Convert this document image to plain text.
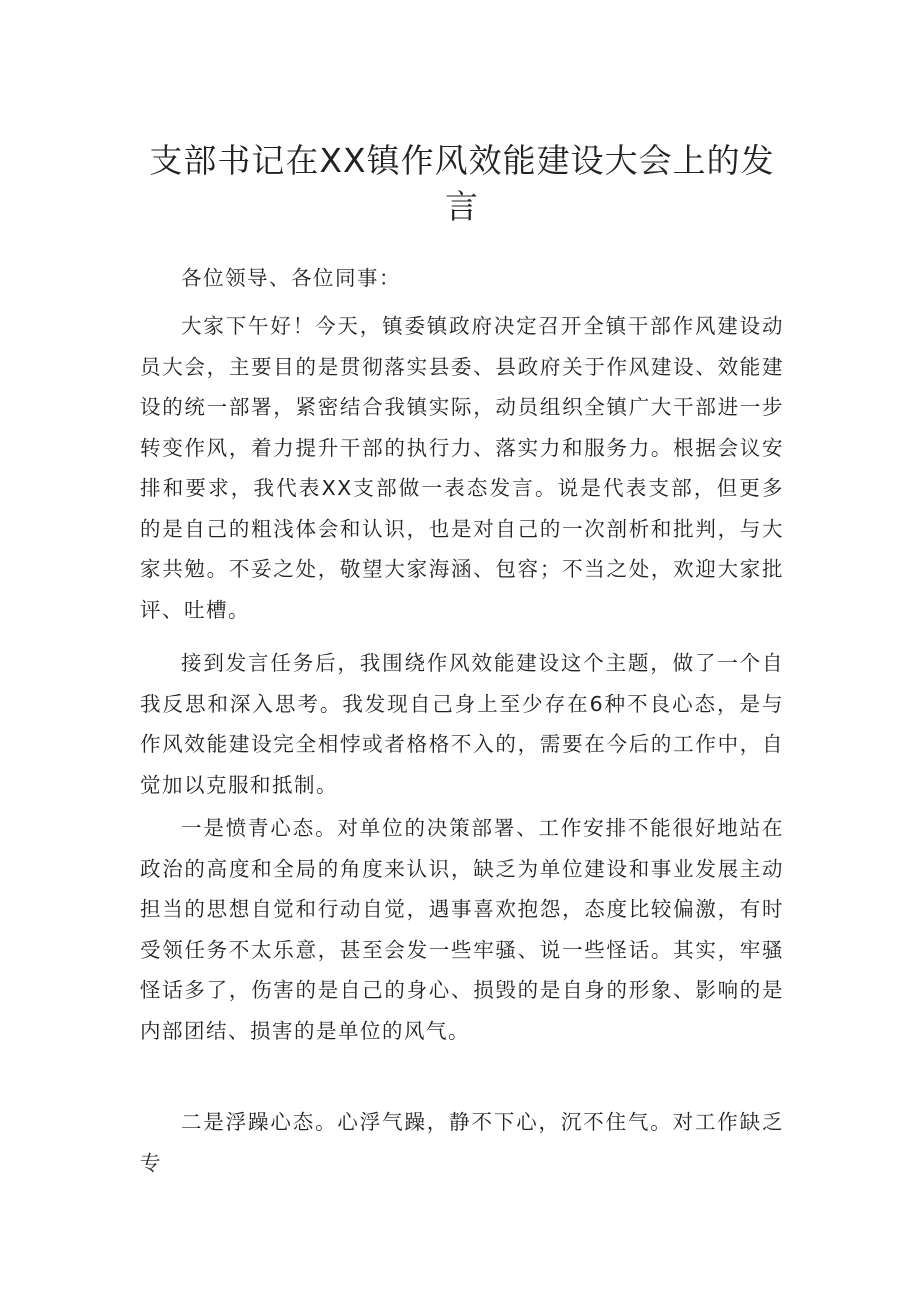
支部书记在XX镇作风效能建设大会上的发
言

各位领导、各位同事：

大家下午好！今天，镇委镇政府决定召开全镇干部作风建设动员大会，主要目的是贯彻落实县委、县政府关于作风建设、效能建设的统一部署，紧密结合我镇实际，动员组织全镇广大干部进一步转变作风，着力提升干部的执行力、落实力和服务力。根据会议安排和要求，我代表XX支部做一表态发言。说是代表支部，但更多的是自己的粗浅体会和认识，也是对自己的一次剖析和批判，与大家共勉。不妥之处，敬望大家海涵、包容；不当之处，欢迎大家批评、吐槽。

接到发言任务后，我围绕作风效能建设这个主题，做了一个自我反思和深入思考。我发现自己身上至少存在6种不良心态，是与作风效能建设完全相悖或者格格不入的，需要在今后的工作中，自觉加以克服和抵制。

一是愤青心态。对单位的决策部署、工作安排不能很好地站在政治的高度和全局的角度来认识，缺乏为单位建设和事业发展主动担当的思想自觉和行动自觉，遇事喜欢抱怨，态度比较偏激，有时受领任务不太乐意，甚至会发一些牢骚、说一些怪话。其实，牢骚怪话多了，伤害的是自己的身心、损毁的是自身的形象、影响的是内部团结、损害的是单位的风气。

二是浮躁心态。心浮气躁，静不下心，沉不住气。对工作缺乏专
